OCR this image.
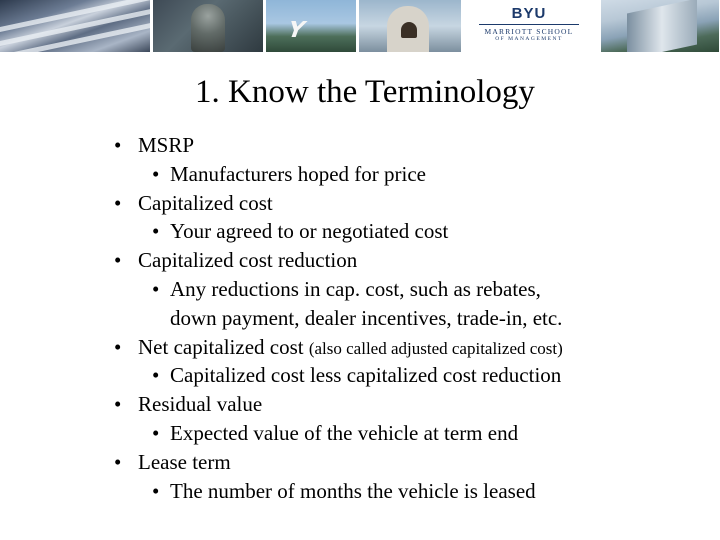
Y
BYU
MARRIOTT SCHOOL
OF MANAGEMENT
1. Know the Terminology
• MSRP
• Manufacturers hoped for price
• Capitalized cost
• Your agreed to or negotiated cost
• Capitalized cost reduction
• Any reductions in cap. cost, such as rebates,
down payment, dealer incentives, trade-in, etc.
• Net capitalized cost (also called adjusted capitalized cost)
• Capitalized cost less capitalized cost reduction
• Residual value
• Expected value of the vehicle at term end
• Lease term
• The number of months the vehicle is leased
